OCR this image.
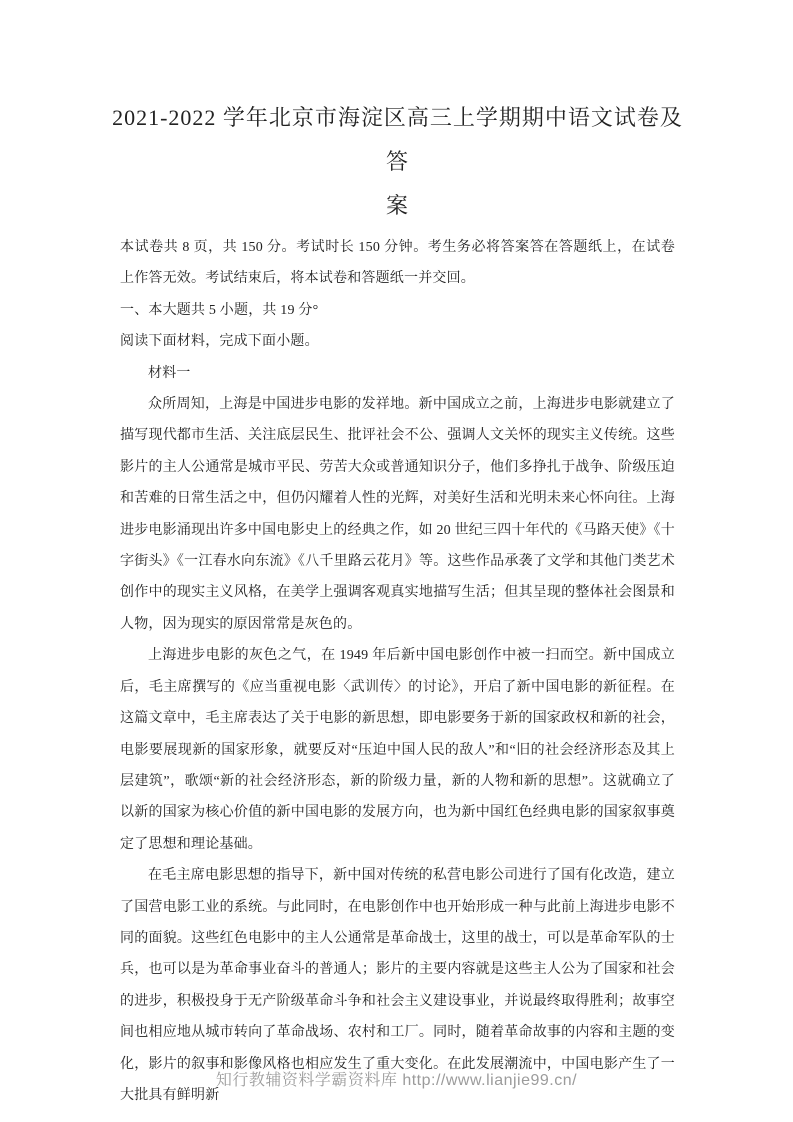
2021-2022 学年北京市海淀区高三上学期期中语文试卷及答
案

本试卷共 8 页，共 150 分。考试时长 150 分钟。考生务必将答案答在答题纸上，在试卷上作答无效。考试结束后，将本试卷和答题纸一并交回。

一、本大题共 5 小题，共 19 分°

阅读下面材料，完成下面小题。

材料一

众所周知，上海是中国进步电影的发祥地。新中国成立之前，上海进步电影就建立了描写现代都市生活、关注底层民生、批评社会不公、强调人文关怀的现实主义传统。这些影片的主人公通常是城市平民、劳苦大众或普通知识分子，他们多挣扎于战争、阶级压迫和苦难的日常生活之中，但仍闪耀着人性的光辉，对美好生活和光明未来心怀向往。上海进步电影涌现出许多中国电影史上的经典之作，如 20 世纪三四十年代的《马路天使》《十字街头》《一江春水向东流》《八千里路云花月》等。这些作品承袭了文学和其他门类艺术创作中的现实主义风格，在美学上强调客观真实地描写生活；但其呈现的整体社会图景和人物，因为现实的原因常常是灰色的。

上海进步电影的灰色之气，在 1949 年后新中国电影创作中被一扫而空。新中国成立后，毛主席撰写的《应当重视电影〈武训传〉的讨论》，开启了新中国电影的新征程。在这篇文章中，毛主席表达了关于电影的新思想，即电影要务于新的国家政权和新的社会，电影要展现新的国家形象，就要反对“压迫中国人民的敌人”和“旧的社会经济形态及其上层建筑”，歌颂“新的社会经济形态，新的阶级力量，新的人物和新的思想”。这就确立了以新的国家为核心价值的新中国电影的发展方向，也为新中国红色经典电影的国家叙事奠定了思想和理论基础。

在毛主席电影思想的指导下，新中国对传统的私营电影公司进行了国有化改造，建立了国营电影工业的系统。与此同时，在电影创作中也开始形成一种与此前上海进步电影不同的面貌。这些红色电影中的主人公通常是革命战士，这里的战士，可以是革命军队的士兵，也可以是为革命事业奋斗的普通人；影片的主要内容就是这些主人公为了国家和社会的进步，积极投身于无产阶级革命斗争和社会主义建设事业，并说最终取得胜利；故事空间也相应地从城市转向了革命战场、农村和工厂。同时，随着革命故事的内容和主题的变化，影片的叙事和影像风格也相应发生了重大变化。在此发展潮流中，中国电影产生了一大批具有鲜明新

知行教辅资料学霸资料库 http://www.lianjie99.cn/
